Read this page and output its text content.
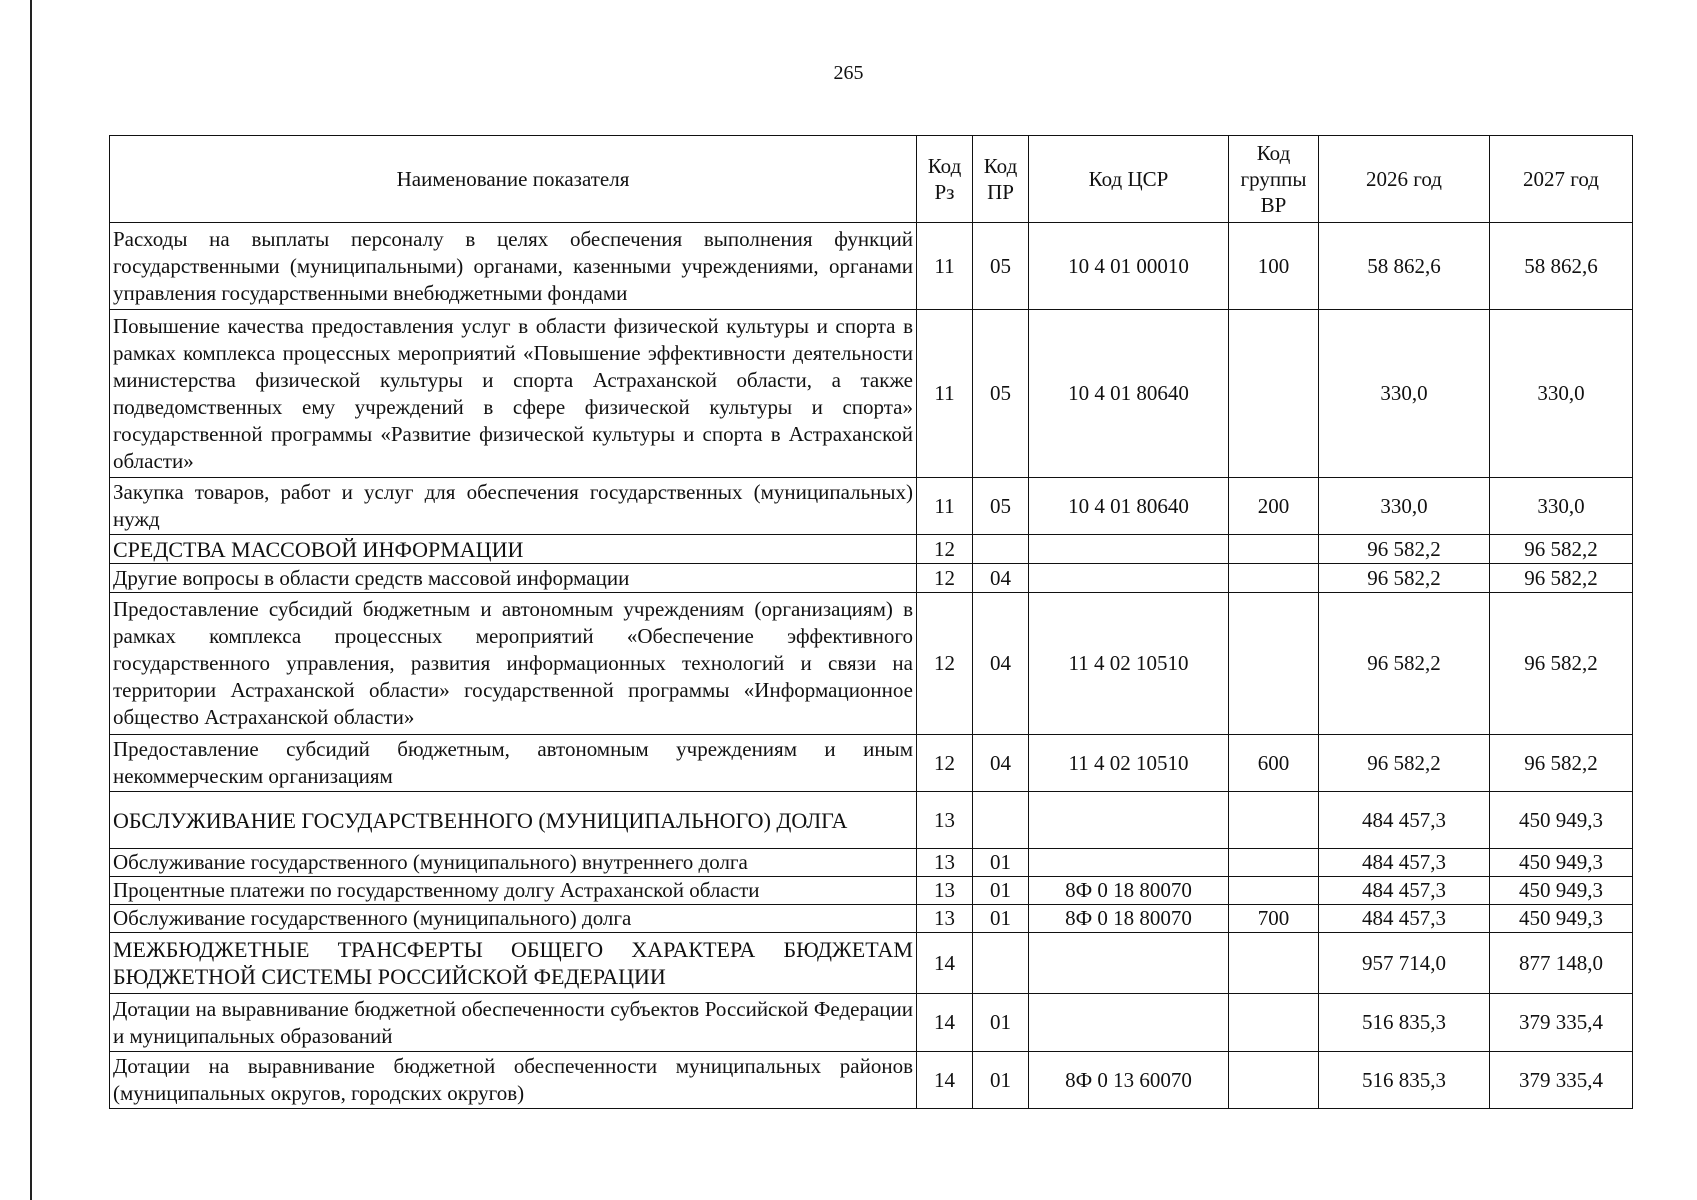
265
Наименование показателя	Код Рз	Код ПР	Код ЦСР	Код группы ВР	2026 год	2027 год
Расходы на выплаты персоналу в целях обеспечения выполнения функций государственными (муниципальными) органами, казенными учреждениями, органами управления государственными внебюджетными фондами	11	05	10 4 01 00010	100	58 862,6	58 862,6
Повышение качества предоставления услуг в области физической культуры и спорта в рамках комплекса процессных мероприятий «Повышение эффективности деятельности министерства физической культуры и спорта Астраханской области, а также подведомственных ему учреждений в сфере физической культуры и спорта» государственной программы «Развитие физической культуры и спорта в Астраханской области»	11	05	10 4 01 80640		330,0	330,0
Закупка товаров, работ и услуг для обеспечения государственных (муниципальных) нужд	11	05	10 4 01 80640	200	330,0	330,0
СРЕДСТВА МАССОВОЙ ИНФОРМАЦИИ	12				96 582,2	96 582,2
Другие вопросы в области средств массовой информации	12	04			96 582,2	96 582,2
Предоставление субсидий бюджетным и автономным учреждениям (организациям) в рамках комплекса процессных мероприятий «Обеспечение эффективного государственного управления, развития информационных технологий и связи на территории Астраханской области» государственной программы «Информационное общество Астраханской области»	12	04	11 4 02 10510		96 582,2	96 582,2
Предоставление субсидий бюджетным, автономным учреждениям и иным некоммерческим организациям	12	04	11 4 02 10510	600	96 582,2	96 582,2
ОБСЛУЖИВАНИЕ ГОСУДАРСТВЕННОГО (МУНИЦИПАЛЬНОГО) ДОЛГА	13				484 457,3	450 949,3
Обслуживание государственного (муниципального) внутреннего долга	13	01			484 457,3	450 949,3
Процентные платежи по государственному долгу Астраханской области	13	01	8Ф 0 18 80070		484 457,3	450 949,3
Обслуживание государственного (муниципального) долга	13	01	8Ф 0 18 80070	700	484 457,3	450 949,3
МЕЖБЮДЖЕТНЫЕ ТРАНСФЕРТЫ ОБЩЕГО ХАРАКТЕРА БЮДЖЕТАМ БЮДЖЕТНОЙ СИСТЕМЫ РОССИЙСКОЙ ФЕДЕРАЦИИ	14				957 714,0	877 148,0
Дотации на выравнивание бюджетной обеспеченности субъектов Российской Федерации и муниципальных образований	14	01			516 835,3	379 335,4
Дотации на выравнивание бюджетной обеспеченности муниципальных районов (муниципальных округов, городских округов)	14	01	8Ф 0 13 60070		516 835,3	379 335,4
